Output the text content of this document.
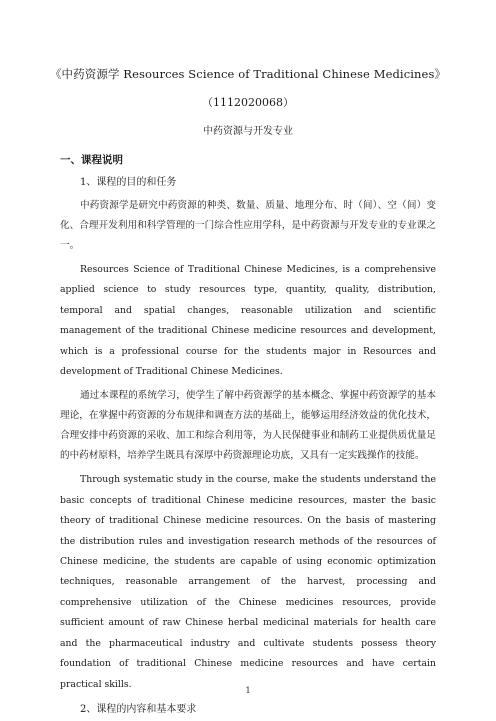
《中药资源学 Resources Science of Traditional Chinese Medicines》
（1112020068）
中药资源与开发专业

一、课程说明

1、课程的目的和任务

中药资源学是研究中药资源的种类、数量、质量、地理分布、时（间）、空（间）变化、合理开发利用和科学管理的一门综合性应用学科，是中药资源与开发专业的专业课之一。

Resources Science of Traditional Chinese Medicines, is a comprehensive applied science to study resources type, quantity, quality, distribution, temporal and spatial changes, reasonable utilization and scientific management of the traditional Chinese medicine resources and development, which is a professional course for the students major in Resources and development of Traditional Chinese Medicines.

通过本课程的系统学习，使学生了解中药资源学的基本概念、掌握中药资源学的基本理论，在掌握中药资源的分布规律和调查方法的基础上，能够运用经济效益的优化技术，合理安排中药资源的采收、加工和综合利用等，为人民保健事业和制药工业提供质优量足的中药材原料，培养学生既具有深厚中药资源理论功底，又具有一定实践操作的技能。

Through systematic study in the course, make the students understand the basic concepts of traditional Chinese medicine resources, master the basic theory of traditional Chinese medicine resources. On the basis of mastering the distribution rules and investigation research methods of the resources of Chinese medicine, the students are capable of using economic optimization techniques, reasonable arrangement of the harvest, processing and comprehensive utilization of the Chinese medicines resources, provide sufficient amount of raw Chinese herbal medicinal materials for health care and the pharmaceutical industry and cultivate students possess theory foundation of traditional Chinese medicine resources and have certain practical skills.

2、课程的内容和基本要求

1
